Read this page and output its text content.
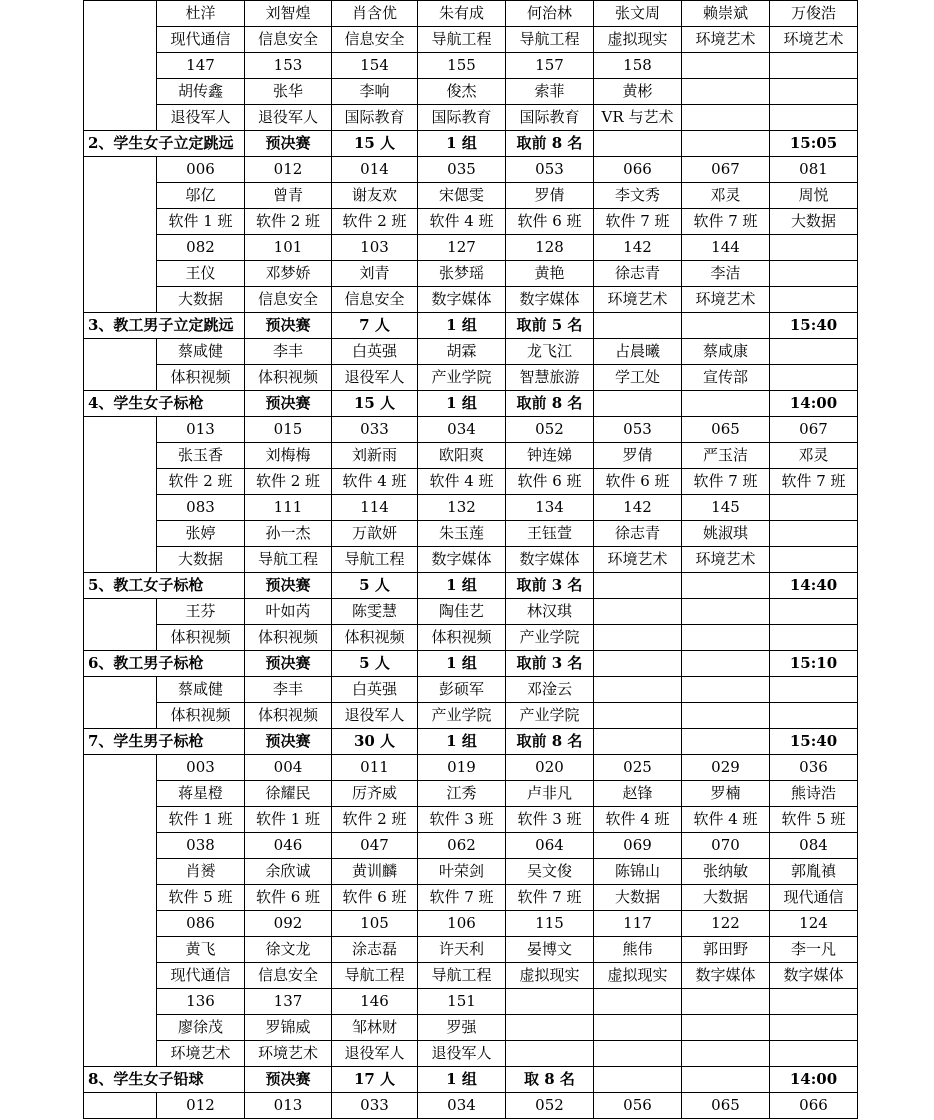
	杜洋	刘智煌	肖含优	朱有成	何治林	张文周	赖崇斌	万俊浩
	现代通信	信息安全	信息安全	导航工程	导航工程	虚拟现实	环境艺术	环境艺术
	147	153	154	155	157	158		
	胡传鑫	张华	李响	俊杰	索菲	黄彬		
	退役军人	退役军人	国际教育	国际教育	国际教育	VR 与艺术		
2、学生女子立定跳远		预决赛	15 人	1 组	取前 8 名			15:05
	006	012	014	035	053	066	067	081
	邬亿	曾青	谢友欢	宋偲雯	罗倩	李文秀	邓灵	周悦
	软件 1 班	软件 2 班	软件 2 班	软件 4 班	软件 6 班	软件 7 班	软件 7 班	大数据
	082	101	103	127	128	142	144	
	王仪	邓梦娇	刘青	张梦瑶	黄艳	徐志青	李洁	
	大数据	信息安全	信息安全	数字媒体	数字媒体	环境艺术	环境艺术	
3、教工男子立定跳远		预决赛	7 人	1 组	取前 5 名			15:40
	蔡咸健	李丰	白英强	胡霖	龙飞江	占晨曦	蔡咸康	
	体积视频	体积视频	退役军人	产业学院	智慧旅游	学工处	宣传部	
4、学生女子标枪		预决赛	15 人	1 组	取前 8 名			14:00
	013	015	033	034	052	053	065	067
	张玉香	刘梅梅	刘新雨	欧阳爽	钟连娣	罗倩	严玉洁	邓灵
	软件 2 班	软件 2 班	软件 4 班	软件 4 班	软件 6 班	软件 6 班	软件 7 班	软件 7 班
	083	111	114	132	134	142	145	
	张婷	孙一杰	万歆妍	朱玉莲	王钰萱	徐志青	姚淑琪	
	大数据	导航工程	导航工程	数字媒体	数字媒体	环境艺术	环境艺术	
5、教工女子标枪		预决赛	5 人	1 组	取前 3 名			14:40
	王芬	叶如芮	陈雯慧	陶佳艺	林汉琪			
	体积视频	体积视频	体积视频	体积视频	产业学院			
6、教工男子标枪		预决赛	5 人	1 组	取前 3 名			15:10
	蔡咸健	李丰	白英强	彭硕军	邓淦云			
	体积视频	体积视频	退役军人	产业学院	产业学院			
7、学生男子标枪		预决赛	30 人	1 组	取前 8 名			15:40
	003	004	011	019	020	025	029	036
	蒋星橙	徐耀民	厉齐威	江秀	卢非凡	赵锋	罗楠	熊诗浩
	软件 1 班	软件 1 班	软件 2 班	软件 3 班	软件 3 班	软件 4 班	软件 4 班	软件 5 班
	038	046	047	062	064	069	070	084
	肖赟	余欣诚	黄训麟	叶荣剑	吴文俊	陈锦山	张纳敏	郭胤禛
	软件 5 班	软件 6 班	软件 6 班	软件 7 班	软件 7 班	大数据	大数据	现代通信
	086	092	105	106	115	117	122	124
	黄飞	徐文龙	涂志磊	许天利	晏博文	熊伟	郭田野	李一凡
	现代通信	信息安全	导航工程	导航工程	虚拟现实	虚拟现实	数字媒体	数字媒体
	136	137	146	151				
	廖徐茂	罗锦威	邹林财	罗强				
	环境艺术	环境艺术	退役军人	退役军人				
8、学生女子铅球		预决赛	17 人	1 组	取 8 名			14:00
	012	013	033	034	052	056	065	066
